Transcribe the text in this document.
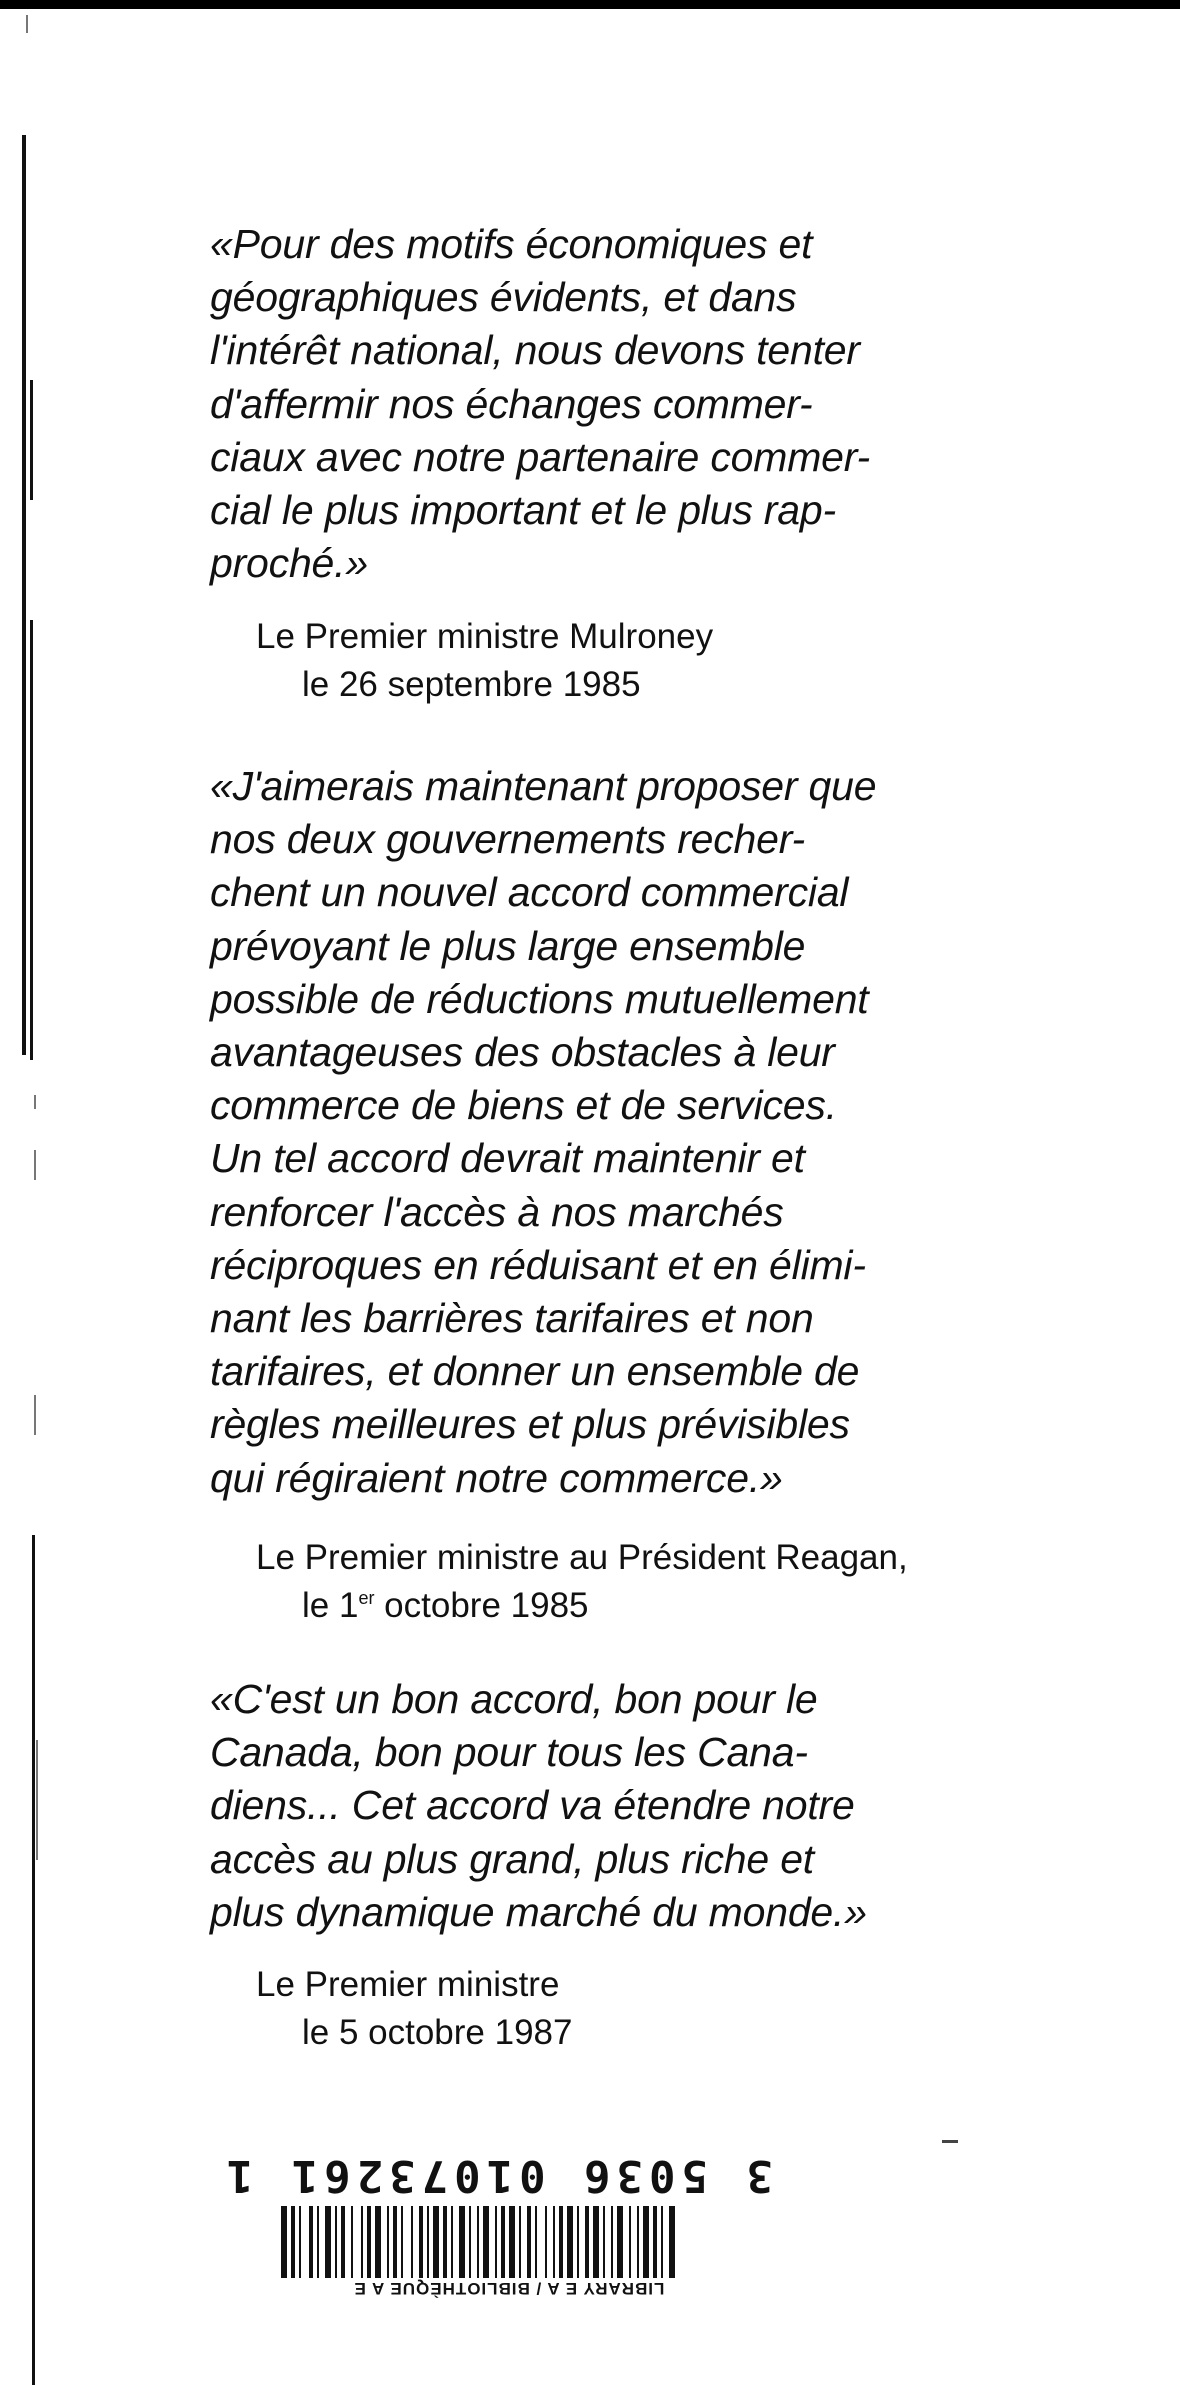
«Pour des motifs économiques et
géographiques évidents, et dans
l'intérêt national, nous devons tenter
d'affermir nos échanges commer-
ciaux avec notre partenaire commer-
cial le plus important et le plus rap-
proché.»
Le Premier ministre Mulroney
le 26 septembre 1985
«J'aimerais maintenant proposer que
nos deux gouvernements recher-
chent un nouvel accord commercial
prévoyant le plus large ensemble
possible de réductions mutuellement
avantageuses des obstacles à leur
commerce de biens et de services.
Un tel accord devrait maintenir et
renforcer l'accès à nos marchés
réciproques en réduisant et en élimi-
nant les barrières tarifaires et non
tarifaires, et donner un ensemble de
règles meilleures et plus prévisibles
qui régiraient notre commerce.»
Le Premier ministre au Président Reagan,
le 1er octobre 1985
«C'est un bon accord, bon pour le
Canada, bon pour tous les Cana-
diens... Cet accord va étendre notre
accès au plus grand, plus riche et
plus dynamique marché du monde.»
Le Premier ministre
le 5 octobre 1987
3 5036 01073261 1
LIBRARY E A / BIBLIOTHÈQUE A E
